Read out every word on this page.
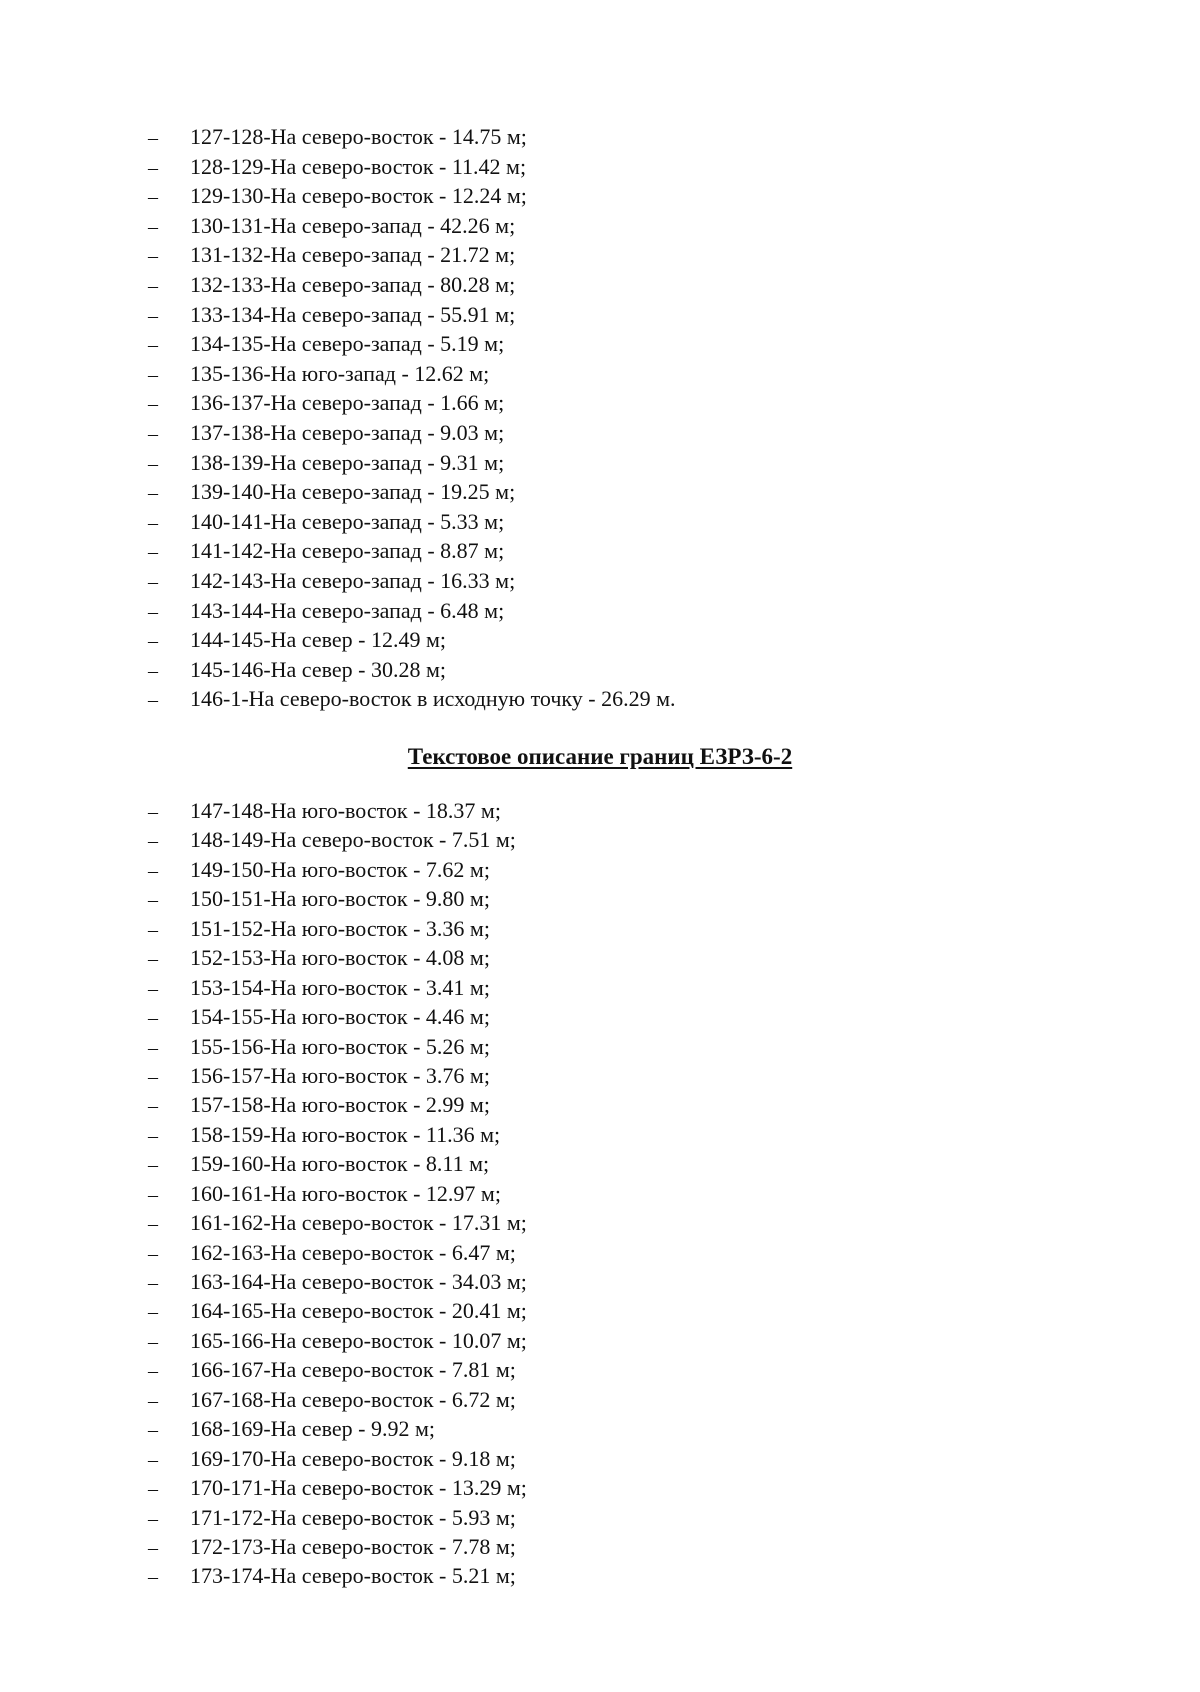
–	127-128-На северо-восток - 14.75 м;
–	128-129-На северо-восток - 11.42 м;
–	129-130-На северо-восток - 12.24 м;
–	130-131-На северо-запад - 42.26 м;
–	131-132-На северо-запад - 21.72 м;
–	132-133-На северо-запад - 80.28 м;
–	133-134-На северо-запад - 55.91 м;
–	134-135-На северо-запад - 5.19 м;
–	135-136-На юго-запад - 12.62 м;
–	136-137-На северо-запад - 1.66 м;
–	137-138-На северо-запад - 9.03 м;
–	138-139-На северо-запад - 9.31 м;
–	139-140-На северо-запад - 19.25 м;
–	140-141-На северо-запад - 5.33 м;
–	141-142-На северо-запад - 8.87 м;
–	142-143-На северо-запад - 16.33 м;
–	143-144-На северо-запад - 6.48 м;
–	144-145-На север - 12.49 м;
–	145-146-На север - 30.28 м;
–	146-1-На северо-восток в исходную точку - 26.29 м.
Текстовое описание границ ЕЗРЗ-6-2
–	147-148-На юго-восток - 18.37 м;
–	148-149-На северо-восток - 7.51 м;
–	149-150-На юго-восток - 7.62 м;
–	150-151-На юго-восток - 9.80 м;
–	151-152-На юго-восток - 3.36 м;
–	152-153-На юго-восток - 4.08 м;
–	153-154-На юго-восток - 3.41 м;
–	154-155-На юго-восток - 4.46 м;
–	155-156-На юго-восток - 5.26 м;
–	156-157-На юго-восток - 3.76 м;
–	157-158-На юго-восток - 2.99 м;
–	158-159-На юго-восток - 11.36 м;
–	159-160-На юго-восток - 8.11 м;
–	160-161-На юго-восток - 12.97 м;
–	161-162-На северо-восток - 17.31 м;
–	162-163-На северо-восток - 6.47 м;
–	163-164-На северо-восток - 34.03 м;
–	164-165-На северо-восток - 20.41 м;
–	165-166-На северо-восток - 10.07 м;
–	166-167-На северо-восток - 7.81 м;
–	167-168-На северо-восток - 6.72 м;
–	168-169-На север - 9.92 м;
–	169-170-На северо-восток - 9.18 м;
–	170-171-На северо-восток - 13.29 м;
–	171-172-На северо-восток - 5.93 м;
–	172-173-На северо-восток - 7.78 м;
–	173-174-На северо-восток - 5.21 м;
